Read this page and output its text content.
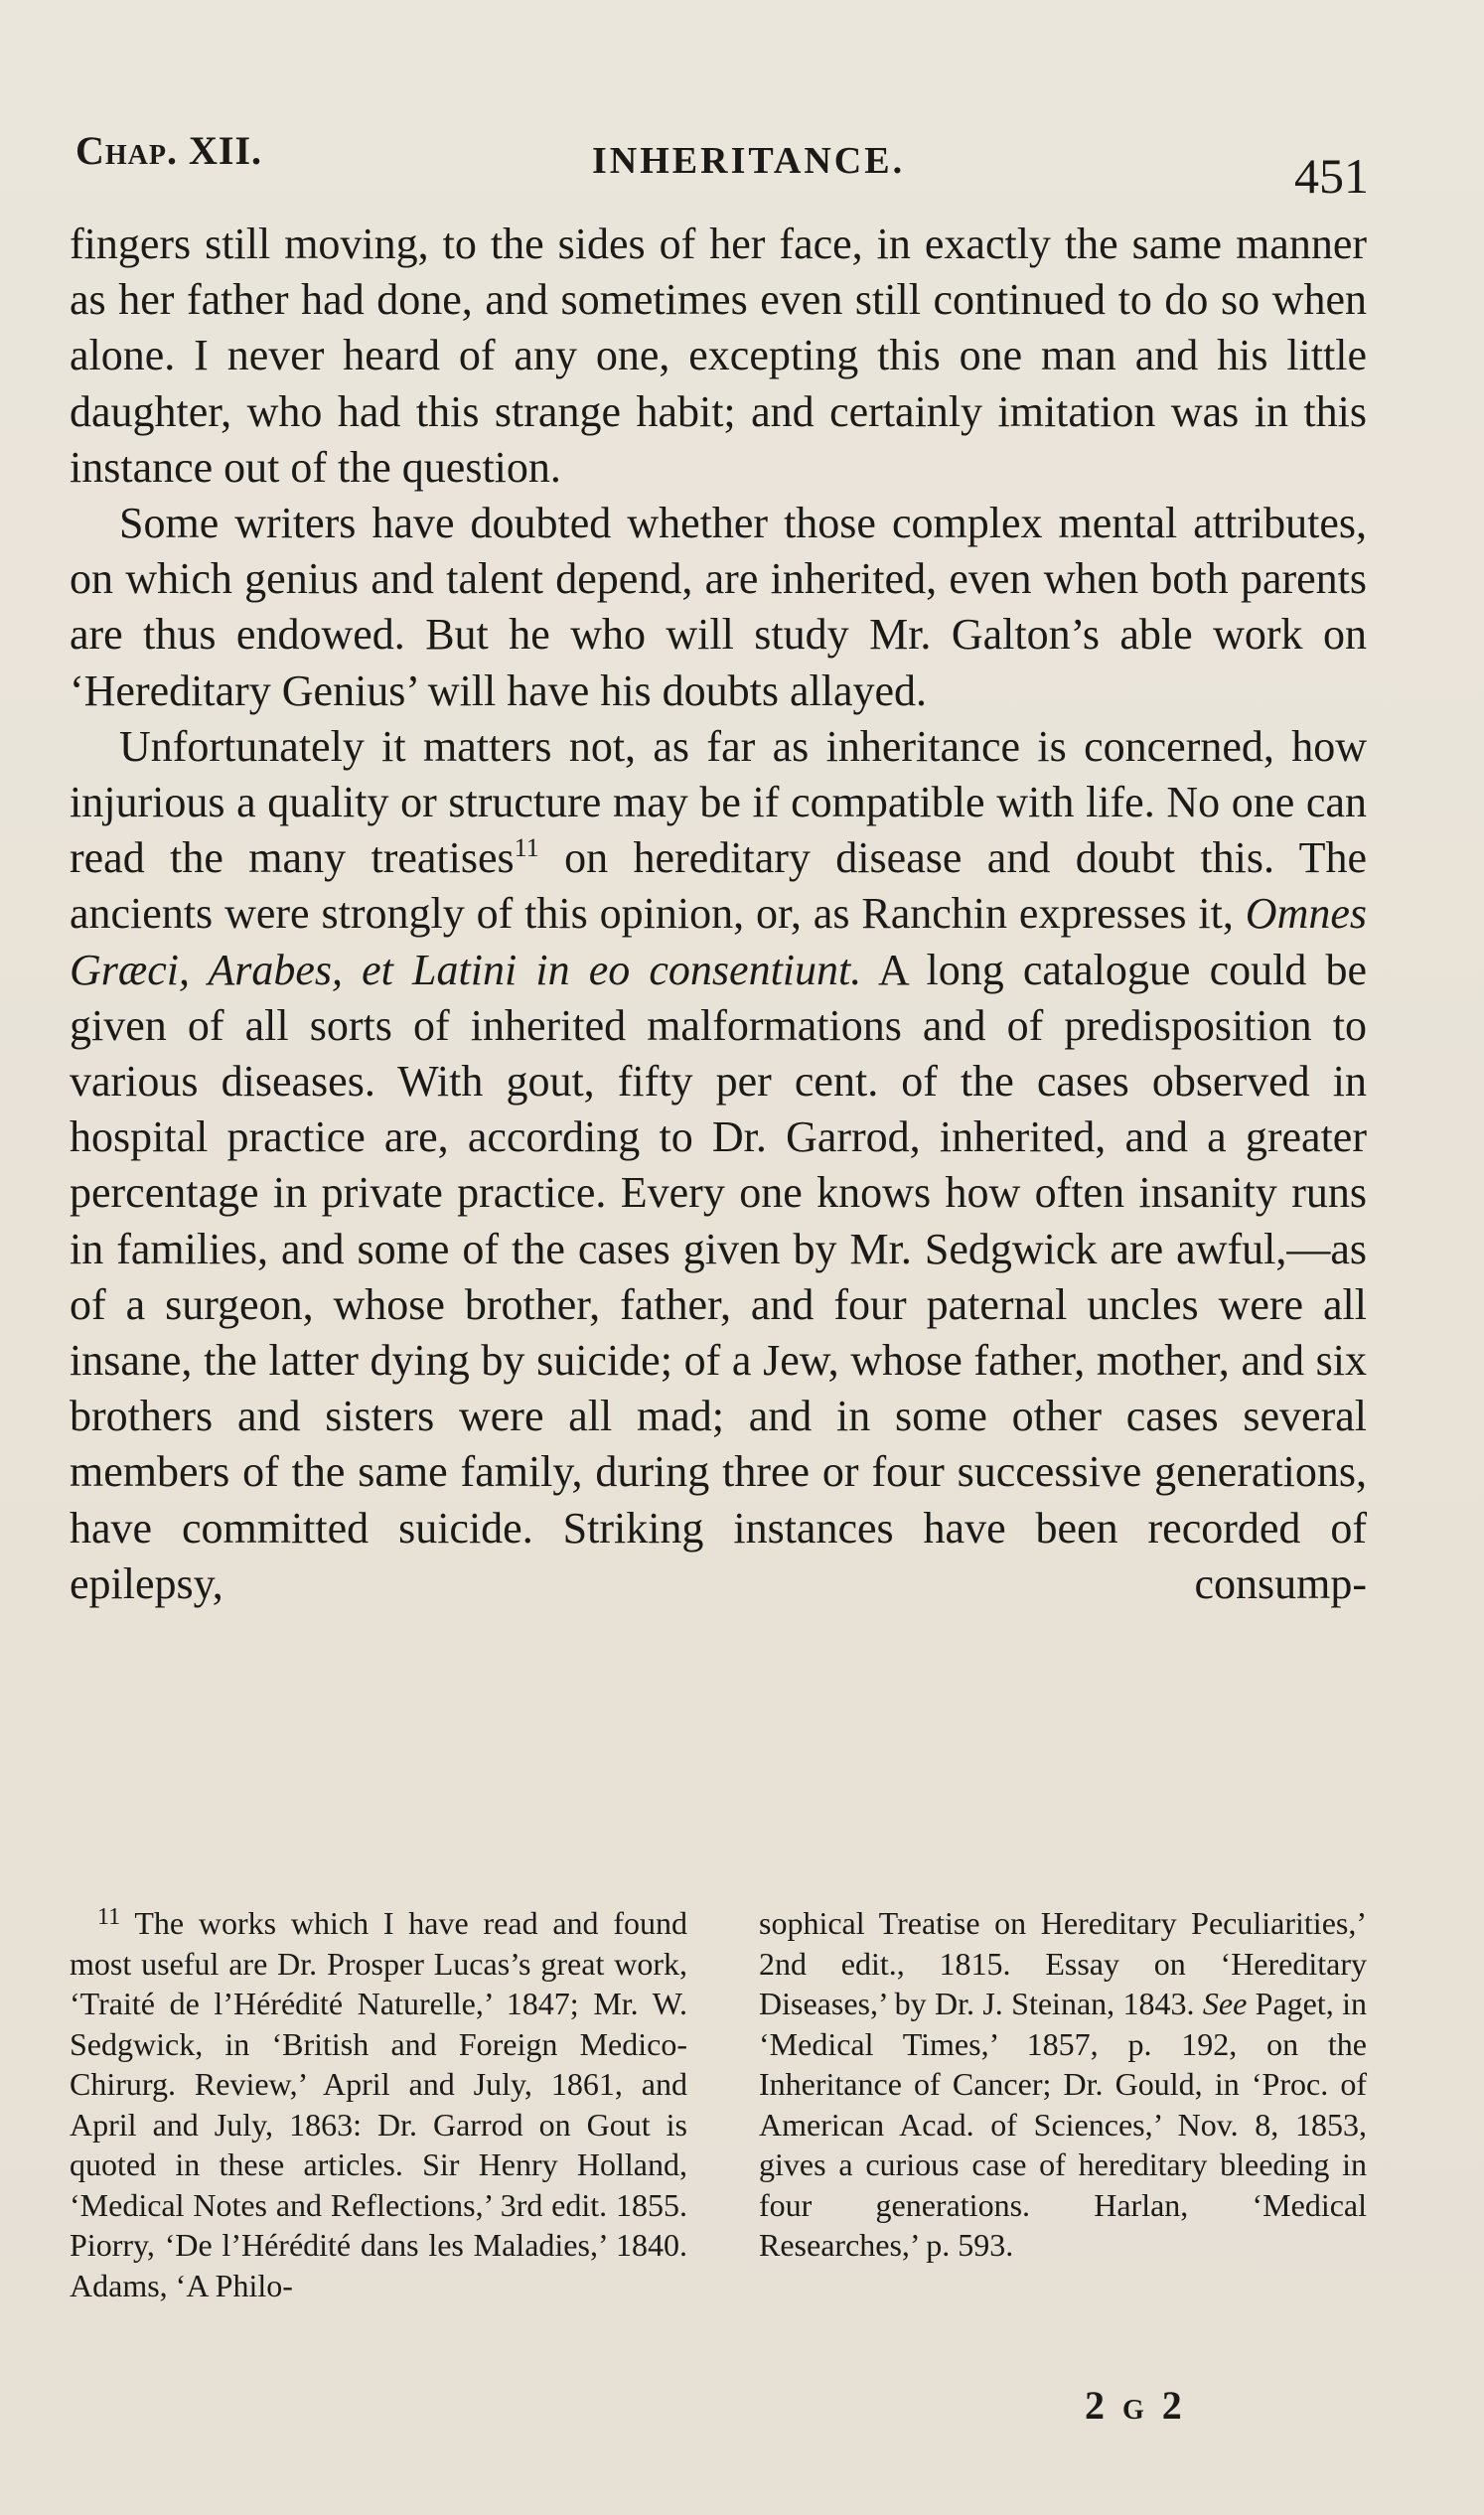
Chap. XII.	INHERITANCE.	451

fingers still moving, to the sides of her face, in exactly the same manner as her father had done, and sometimes even still continued to do so when alone. I never heard of any one, excepting this one man and his little daughter, who had this strange habit; and certainly imitation was in this instance out of the question.

Some writers have doubted whether those complex mental attributes, on which genius and talent depend, are inherited, even when both parents are thus endowed. But he who will study Mr. Galton’s able work on ‘Hereditary Genius’ will have his doubts allayed.

Unfortunately it matters not, as far as inheritance is concerned, how injurious a quality or structure may be if compatible with life. No one can read the many treatises$^{11}$ on hereditary disease and doubt this. The ancients were strongly of this opinion, or, as Ranchin expresses it, Omnes Græci, Arabes, et Latini in eo consentiunt. A long catalogue could be given of all sorts of inherited malformations and of predisposition to various diseases. With gout, fifty per cent. of the cases observed in hospital practice are, according to Dr. Garrod, inherited, and a greater percentage in private practice. Every one knows how often insanity runs in families, and some of the cases given by Mr. Sedgwick are awful,—as of a surgeon, whose brother, father, and four paternal uncles were all insane, the latter dying by suicide; of a Jew, whose father, mother, and six brothers and sisters were all mad; and in some other cases several members of the same family, during three or four successive generations, have committed suicide. Striking instances have been recorded of epilepsy, consump-

$^{11}$ The works which I have read and found most useful are Dr. Prosper Lucas’s great work, ‘Traité de l’Hérédité Naturelle,’ 1847; Mr. W. Sedgwick, in ‘British and Foreign Medico-Chirurg. Review,’ April and July, 1861, and April and July, 1863: Dr. Garrod on Gout is quoted in these articles. Sir Henry Holland, ‘Medical Notes and Reflections,’ 3rd edit. 1855. Piorry, ‘De l’Hérédité dans les Maladies,’ 1840. Adams, ‘A Philo-
sophical Treatise on Hereditary Peculiarities,’ 2nd edit., 1815. Essay on ‘Hereditary Diseases,’ by Dr. J. Steinan, 1843. See Paget, in ‘Medical Times,’ 1857, p. 192, on the Inheritance of Cancer; Dr. Gould, in ‘Proc. of American Acad. of Sciences,’ Nov. 8, 1853, gives a curious case of hereditary bleeding in four generations. Harlan, ‘Medical Researches,’ p. 593.
2 g 2
